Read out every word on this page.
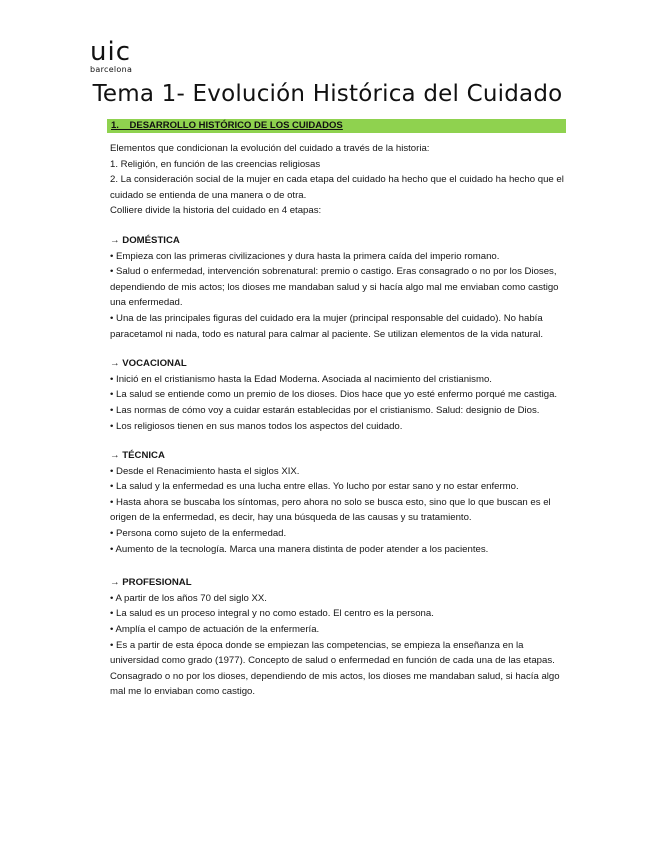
uic
barcelona
Tema 1- Evolución Histórica del Cuidado
1. DESARROLLO HISTÓRICO DE LOS CUIDADOS

Elementos que condicionan la evolución del cuidado a través de la historia:

1. Religión, en función de las creencias religiosas

2. La consideración social de la mujer en cada etapa del cuidado ha hecho que el cuidado ha hecho que el cuidado se entienda de una manera o de otra.

Colliere divide la historia del cuidado en 4 etapas:

→ DOMÉSTICA

• Empieza con las primeras civilizaciones y dura hasta la primera caída del imperio romano.

• Salud o enfermedad, intervención sobrenatural: premio o castigo. Eras consagrado o no por los Dioses, dependiendo de mis actos; los dioses me mandaban salud y si hacía algo mal me enviaban como castigo una enfermedad.

• Una de las principales figuras del cuidado era la mujer (principal responsable del cuidado). No había paracetamol ni nada, todo es natural para calmar al paciente. Se utilizan elementos de la vida natural.

→ VOCACIONAL

• Inició en el cristianismo hasta la Edad Moderna. Asociada al nacimiento del cristianismo.

• La salud se entiende como un premio de los dioses. Dios hace que yo esté enfermo porqué me castiga.

• Las normas de cómo voy a cuidar estarán establecidas por el cristianismo. Salud: designio de Dios.

• Los religiosos tienen en sus manos todos los aspectos del cuidado.

→ TÉCNICA

• Desde el Renacimiento hasta el siglos XIX.

• La salud y la enfermedad es una lucha entre ellas. Yo lucho por estar sano y no estar enfermo.

• Hasta ahora se buscaba los síntomas, pero ahora no solo se busca esto, sino que lo que buscan es el origen de la enfermedad, es decir, hay una búsqueda de las causas y su tratamiento.

• Persona como sujeto de la enfermedad.

• Aumento de la tecnología. Marca una manera distinta de poder atender a los pacientes.

→ PROFESIONAL

• A partir de los años 70 del siglo XX.

• La salud es un proceso integral y no como estado. El centro es la persona.

• Amplía el campo de actuación de la enfermería.

• Es a partir de esta época donde se empiezan las competencias, se empieza la enseñanza en la universidad como grado (1977). Concepto de salud o enfermedad en función de cada una de las etapas. Consagrado o no por los dioses, dependiendo de mis actos, los dioses me mandaban salud, si hacía algo mal me lo enviaban como castigo.
